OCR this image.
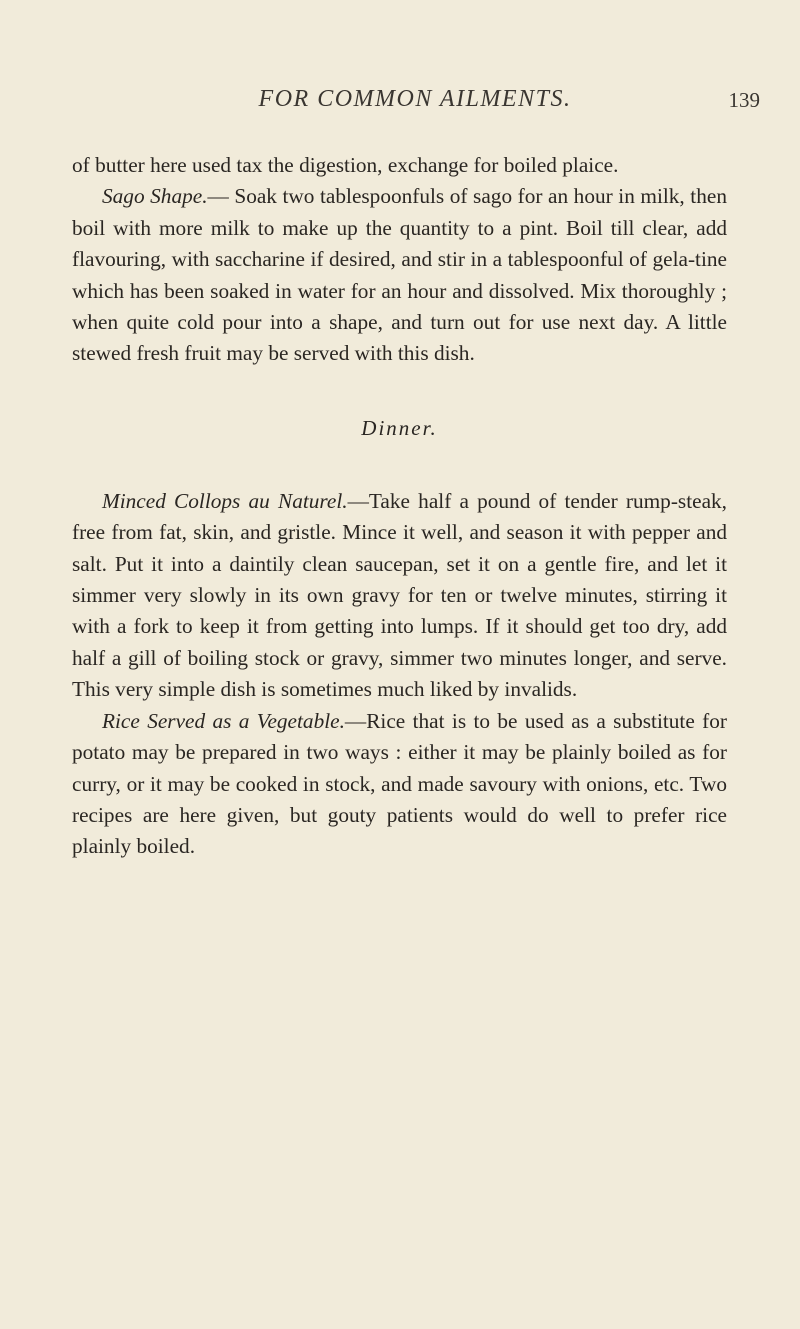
FOR COMMON AILMENTS.	139

of butter here used tax the digestion, exchange for boiled plaice.

Sago Shape.— Soak two tablespoonfuls of sago for an hour in milk, then boil with more milk to make up the quantity to a pint. Boil till clear, add flavouring, with saccharine if desired, and stir in a tablespoonful of gela-tine which has been soaked in water for an hour and dissolved. Mix thoroughly ; when quite cold pour into a shape, and turn out for use next day. A little stewed fresh fruit may be served with this dish.

Dinner.

Minced Collops au Naturel.—Take half a pound of tender rump-steak, free from fat, skin, and gristle. Mince it well, and season it with pepper and salt. Put it into a daintily clean saucepan, set it on a gentle fire, and let it simmer very slowly in its own gravy for ten or twelve minutes, stirring it with a fork to keep it from getting into lumps. If it should get too dry, add half a gill of boiling stock or gravy, simmer two minutes longer, and serve. This very simple dish is sometimes much liked by invalids.

Rice Served as a Vegetable.—Rice that is to be used as a substitute for potato may be prepared in two ways : either it may be plainly boiled as for curry, or it may be cooked in stock, and made savoury with onions, etc. Two recipes are here given, but gouty patients would do well to prefer rice plainly boiled.
